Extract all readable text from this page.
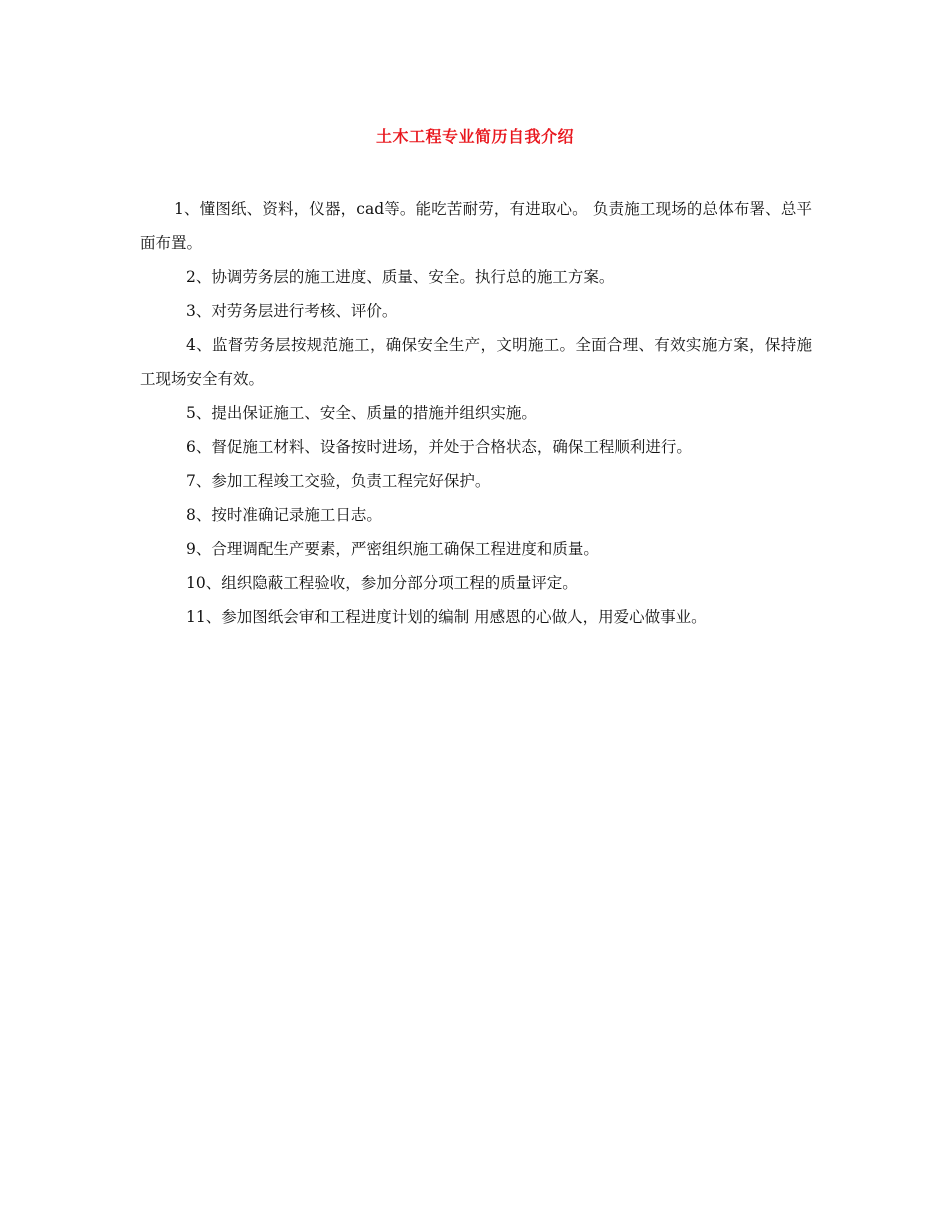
土木工程专业简历自我介绍

1、懂图纸、资料，仪器，cad等。能吃苦耐劳，有进取心。 负责施工现场的总体布署、总平面布置。

2、协调劳务层的施工进度、质量、安全。执行总的施工方案。

3、对劳务层进行考核、评价。

4、监督劳务层按规范施工，确保安全生产，文明施工。全面合理、有效实施方案，保持施工现场安全有效。

5、提出保证施工、安全、质量的措施并组织实施。

6、督促施工材料、设备按时进场，并处于合格状态，确保工程顺利进行。

7、参加工程竣工交验，负责工程完好保护。

8、按时准确记录施工日志。

9、合理调配生产要素，严密组织施工确保工程进度和质量。

10、组织隐蔽工程验收，参加分部分项工程的质量评定。

11、参加图纸会审和工程进度计划的编制 用感恩的心做人，用爱心做事业。
